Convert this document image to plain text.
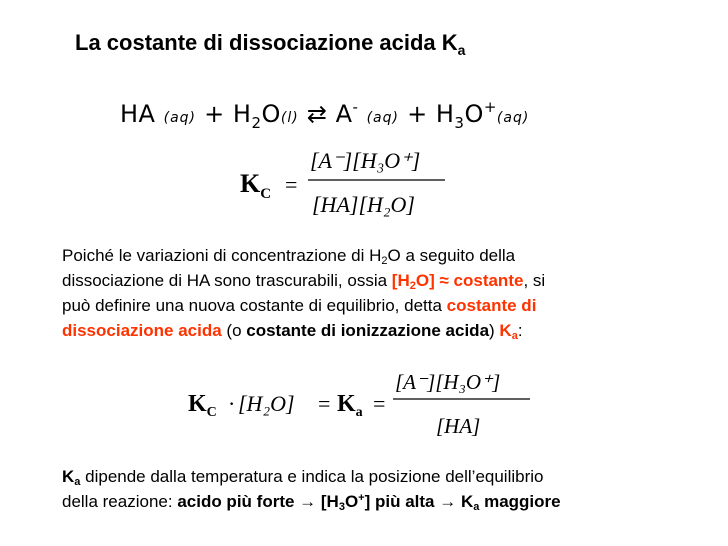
La costante di dissociazione acida $K_a$
HA $(aq) + H_2O(l)$ ⇄ A- $(aq) + H_3O^+(aq)$
$K_C$ =
[A⁻][H₃O⁺]
[HA][H₂O]
Poiché le variazioni di concentrazione di $H_2O$ a seguito della
dissociazione di HA sono trascurabili, ossia $[H_2O]$ ≈ costante, si
può definire una nuova costante di equilibrio, detta costante di
dissociazione acida (o costante di ionizzazione acida) $K_a$:
$K_C \cdot [H_2O] = K_a$ =
[A⁻][H₃O⁺]
[HA]
$K_a$ dipende dalla temperatura e indica la posizione dell’equilibrio
della reazione: acido più forte → $[H_3O^+]$ più alta → $K_a$ maggiore
